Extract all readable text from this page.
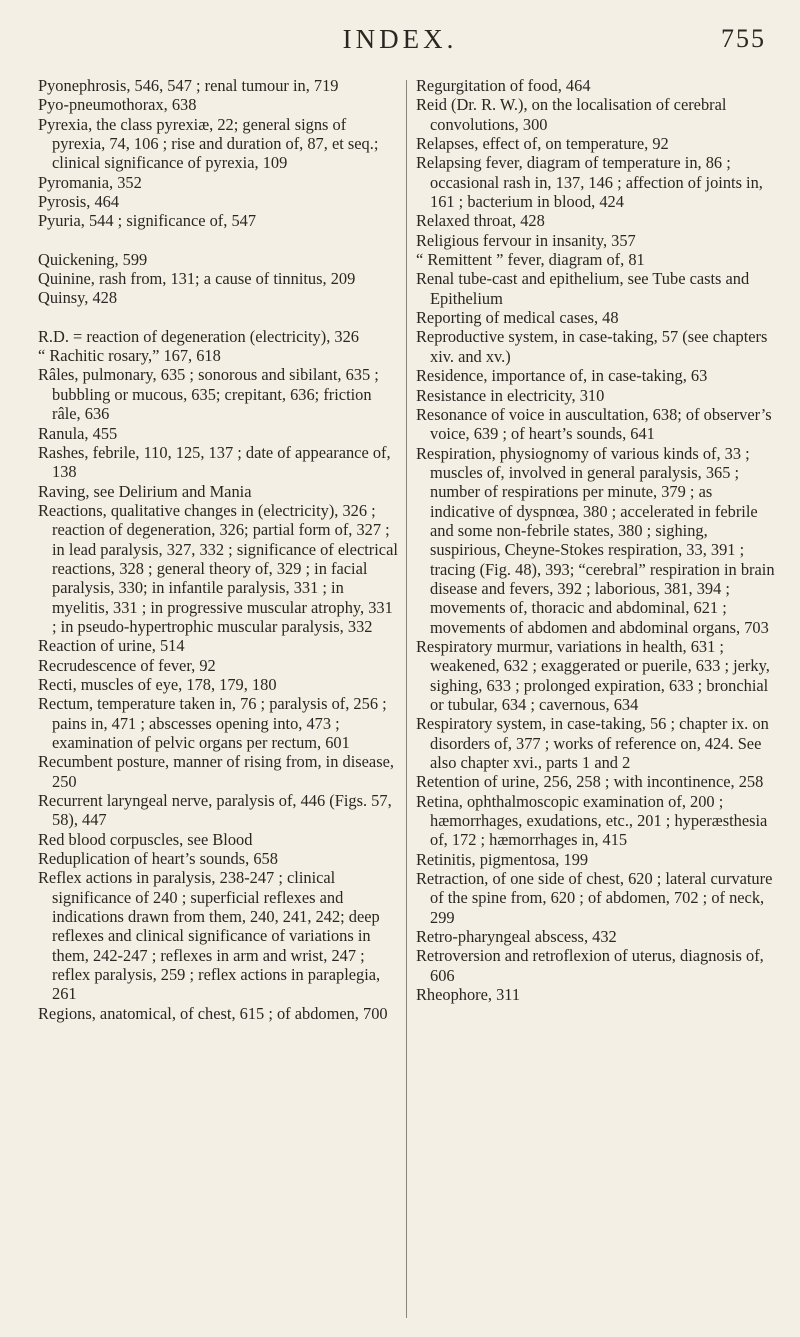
INDEX.	755
Pyonephrosis, 546, 547 ; renal tumour in, 719
Pyo-pneumothorax, 638
Pyrexia, the class pyrexiæ, 22; general signs of pyrexia, 74, 106 ; rise and duration of, 87, et seq.; clinical significance of pyrexia, 109
Pyromania, 352
Pyrosis, 464
Pyuria, 544 ; significance of, 547
Quickening, 599
Quinine, rash from, 131; a cause of tinnitus, 209
Quinsy, 428
R.D. = reaction of degeneration (electricity), 326
“ Rachitic rosary,” 167, 618
Râles, pulmonary, 635 ; sonorous and sibilant, 635 ; bubbling or mucous, 635; crepitant, 636; friction râle, 636
Ranula, 455
Rashes, febrile, 110, 125, 137 ; date of appearance of, 138
Raving, see Delirium and Mania
Reactions, qualitative changes in (electricity), 326 ; reaction of degeneration, 326; partial form of, 327 ; in lead paralysis, 327, 332 ; significance of electrical reactions, 328 ; general theory of, 329 ; in facial paralysis, 330; in infantile paralysis, 331 ; in myelitis, 331 ; in progressive muscular atrophy, 331 ; in pseudo-hypertrophic muscular paralysis, 332
Reaction of urine, 514
Recrudescence of fever, 92
Recti, muscles of eye, 178, 179, 180
Rectum, temperature taken in, 76 ; paralysis of, 256 ; pains in, 471 ; abscesses opening into, 473 ; examination of pelvic organs per rectum, 601
Recumbent posture, manner of rising from, in disease, 250
Recurrent laryngeal nerve, paralysis of, 446 (Figs. 57, 58), 447
Red blood corpuscles, see Blood
Reduplication of heart’s sounds, 658
Reflex actions in paralysis, 238-247 ; clinical significance of 240 ; superficial reflexes and indications drawn from them, 240, 241, 242; deep reflexes and clinical significance of variations in them, 242-247 ; reflexes in arm and wrist, 247 ; reflex paralysis, 259 ; reflex actions in paraplegia, 261
Regions, anatomical, of chest, 615 ; of abdomen, 700
Regurgitation of food, 464
Reid (Dr. R. W.), on the localisation of cerebral convolutions, 300
Relapses, effect of, on temperature, 92
Relapsing fever, diagram of temperature in, 86 ; occasional rash in, 137, 146 ; affection of joints in, 161 ; bacterium in blood, 424
Relaxed throat, 428
Religious fervour in insanity, 357
“ Remittent ” fever, diagram of, 81
Renal tube-cast and epithelium, see Tube casts and Epithelium
Reporting of medical cases, 48
Reproductive system, in case-taking, 57 (see chapters xiv. and xv.)
Residence, importance of, in case-taking, 63
Resistance in electricity, 310
Resonance of voice in auscultation, 638; of observer’s voice, 639 ; of heart’s sounds, 641
Respiration, physiognomy of various kinds of, 33 ; muscles of, involved in general paralysis, 365 ; number of respirations per minute, 379 ; as indicative of dyspnœa, 380 ; accelerated in febrile and some non-febrile states, 380 ; sighing, suspirious, Cheyne-Stokes respiration, 33, 391 ; tracing (Fig. 48), 393; “cerebral” respiration in brain disease and fevers, 392 ; laborious, 381, 394 ; movements of, thoracic and abdominal, 621 ; movements of abdomen and abdominal organs, 703
Respiratory murmur, variations in health, 631 ; weakened, 632 ; exaggerated or puerile, 633 ; jerky, sighing, 633 ; prolonged expiration, 633 ; bronchial or tubular, 634 ; cavernous, 634
Respiratory system, in case-taking, 56 ; chapter ix. on disorders of, 377 ; works of reference on, 424. See also chapter xvi., parts 1 and 2
Retention of urine, 256, 258 ; with incontinence, 258
Retina, ophthalmoscopic examination of, 200 ; hæmorrhages, exudations, etc., 201 ; hyperæsthesia of, 172 ; hæmorrhages in, 415
Retinitis, pigmentosa, 199
Retraction, of one side of chest, 620 ; lateral curvature of the spine from, 620 ; of abdomen, 702 ; of neck, 299
Retro-pharyngeal abscess, 432
Retroversion and retroflexion of uterus, diagnosis of, 606
Rheophore, 311
